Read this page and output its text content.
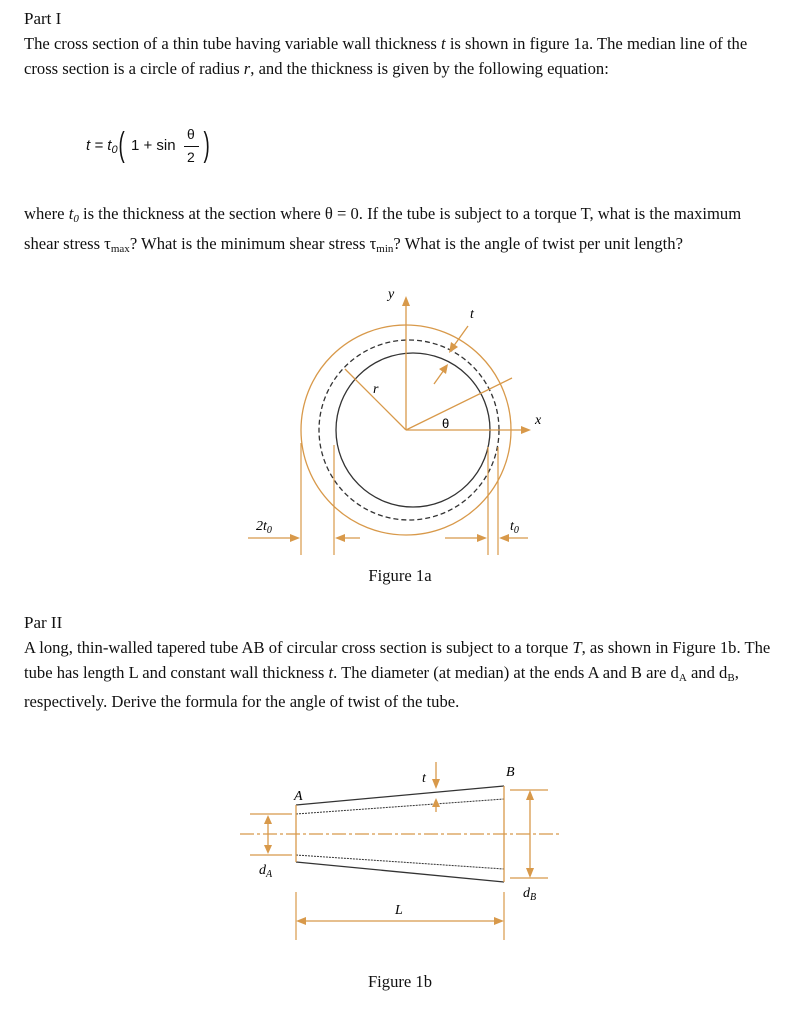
Part I
The cross section of a thin tube having variable wall thickness t is shown in figure 1a. The median line of the cross section is a circle of radius r, and the thickness is given by the following equation:
$t = t_0$ ( 1 + sin
θ
2 )
where $t_0$ is the thickness at the section where θ = 0. If the tube is subject to a torque T, what is the maximum shear stress $\tau_{max}$? What is the minimum shear stress $\tau_{min}$? What is the angle of twist per unit length?
y
x
t
r
θ
$2t_0$	$t_0$
Figure 1a
Par II
A long, thin-walled tapered tube AB of circular cross section is subject to a torque T, as shown in Figure 1b. The tube has length L and constant wall thickness t. The diameter (at median) at the ends A and B are $d_A$ and $d_B$, respectively. Derive the formula for the angle of twist of the tube.
A
B
t
L
$d_A$
$d_B$
Figure 1b
